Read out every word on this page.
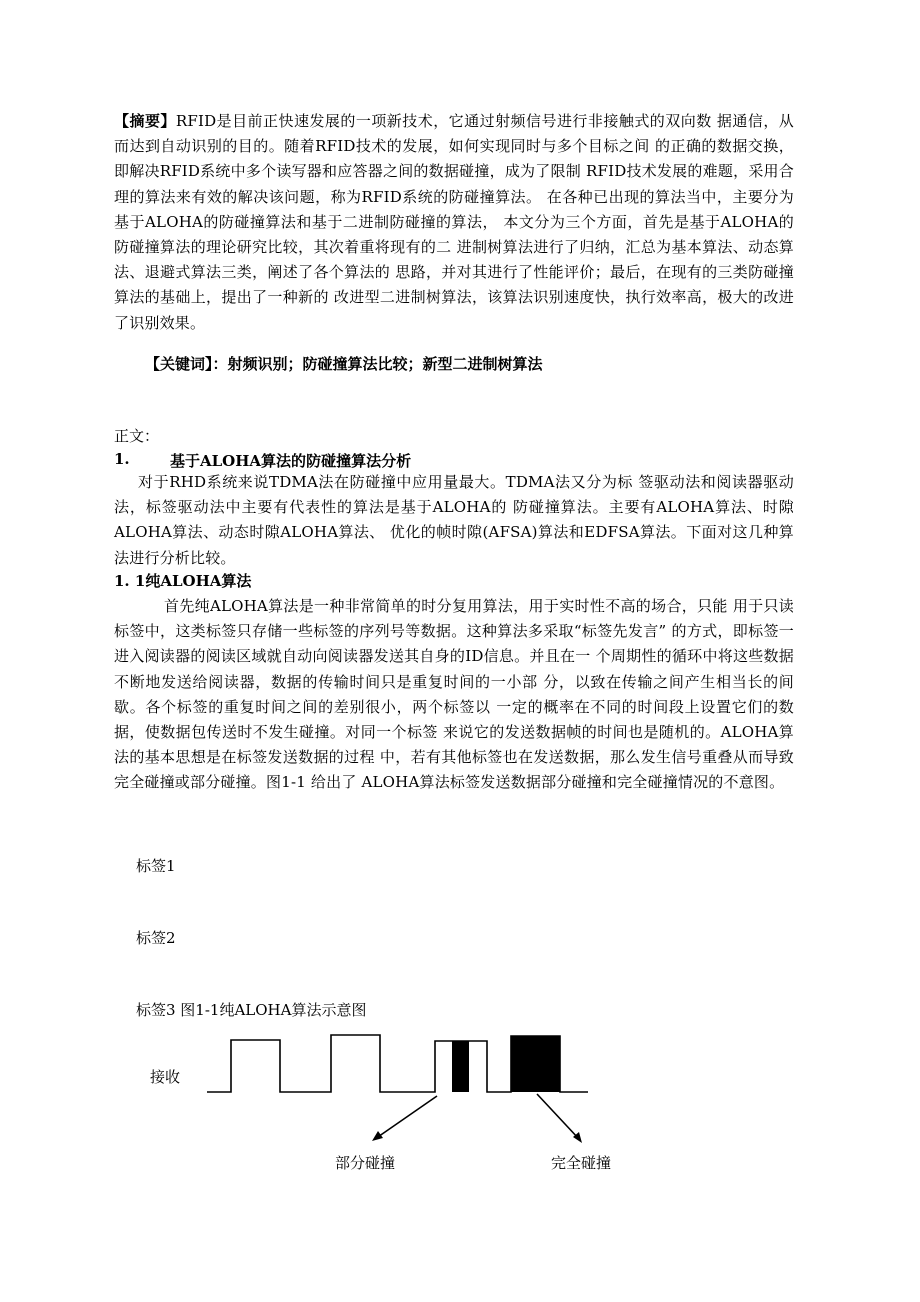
【摘要】RFID是目前正快速发展的一项新技术，它通过射频信号进行非接触式的双向数 据通信，从而达到自动识别的目的。随着RFID技术的发展，如何实现同时与多个目标之间 的正确的数据交换，即解决RFID系统中多个读写器和应答器之间的数据碰撞，成为了限制 RFID技术发展的难题，采用合理的算法来有效的解决该问题，称为RFID系统的防碰撞算法。 在各种已出现的算法当中，主要分为基于ALOHA的防碰撞算法和基于二进制防碰撞的算法， 本文分为三个方面，首先是基于ALOHA的防碰撞算法的理论研究比较，其次着重将现有的二 进制树算法进行了归纳，汇总为基本算法、动态算法、退避式算法三类，阐述了各个算法的 思路，并对其进行了性能评价；最后，在现有的三类防碰撞算法的基础上，提出了一种新的 改进型二进制树算法，该算法识别速度快，执行效率高，极大的改进了识别效果。
【关键词】：射频识别；防碰撞算法比较；新型二进制树算法
正文：
1.	基于ALOHA算法的防碰撞算法分析
对于RHD系统来说TDMA法在防碰撞中应用量最大。TDMA法又分为标 签驱动法和阅读器驱动法，标签驱动法中主要有代表性的算法是基于ALOHA的 防碰撞算法。主要有ALOHA算法、时隙ALOHA算法、动态时隙ALOHA算法、 优化的帧时隙(AFSA)算法和EDFSA算法。下面对这几种算法进行分析比较。
1. 1纯ALOHA算法
首先纯ALOHA算法是一种非常简单的时分复用算法，用于实时性不高的场合，只能 用于只读标签中，这类标签只存储一些标签的序列号等数据。这种算法多采取“标签先发言” 的方式，即标签一进入阅读器的阅读区域就自动向阅读器发送其自身的ID信息。并且在一 个周期性的循环中将这些数据不断地发送给阅读器，数据的传输时间只是重复时间的一小部 分，以致在传输之间产生相当长的间歇。各个标签的重复时间之间的差别很小，两个标签以 一定的概率在不同的时间段上设置它们的数据，使数据包传送时不发生碰撞。对同一个标签 来说它的发送数据帧的时间也是随机的。ALOHA算法的基本思想是在标签发送数据的过程 中，若有其他标签也在发送数据，那么发生信号重叠从而导致完全碰撞或部分碰撞。图1-1 给出了 ALOHA算法标签发送数据部分碰撞和完全碰撞情况的不意图。
标签1
标签2
标签3 图1-1纯ALOHA算法示意图
接收
部分碰撞	完全碰撞
